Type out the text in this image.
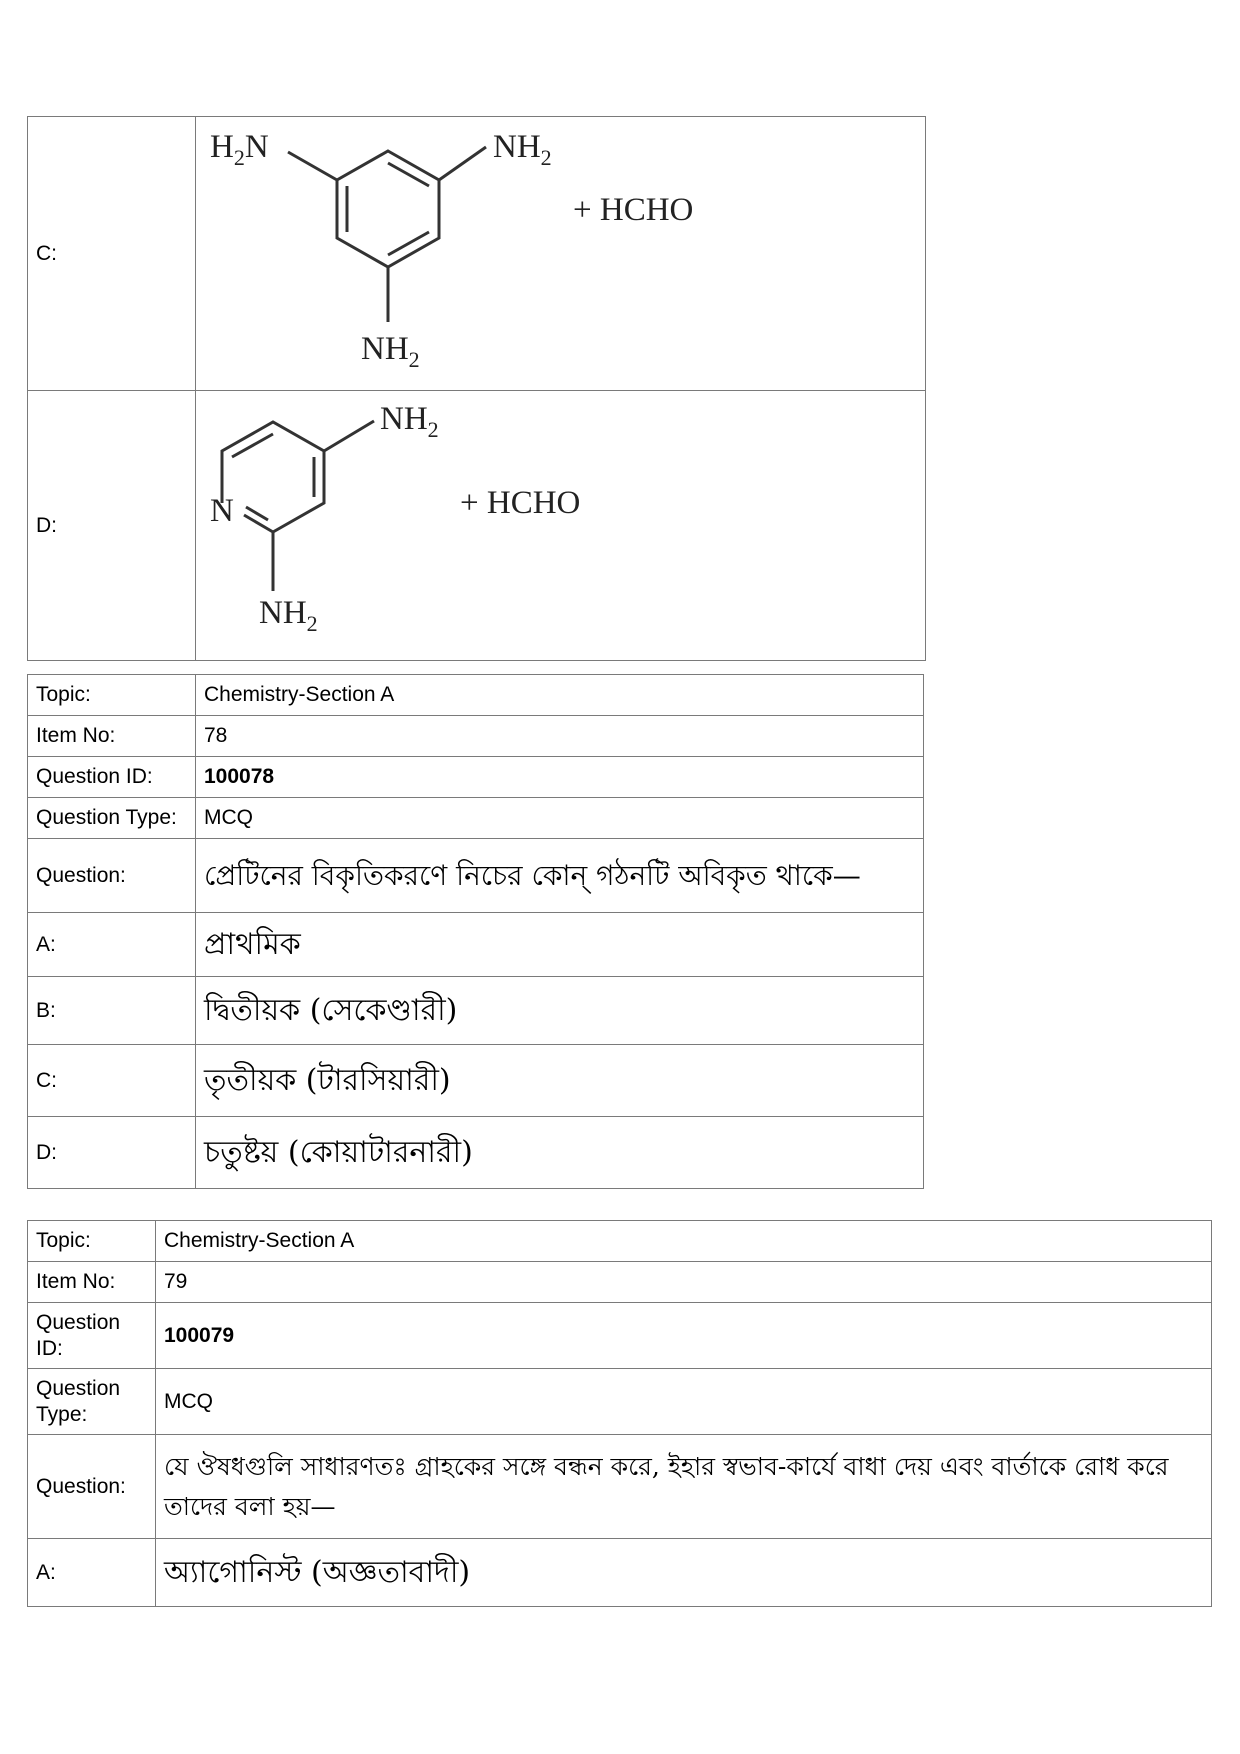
C:	$H_2N$ $NH_2$
$NH_2$
+ HCHO

D:	N
$NH_2$
$NH_2$
+ HCHO
Topic:	Chemistry-Section A
Item No:	78
Question ID:	100078
Question Type:	MCQ
Question:	প্রেটিনের বিকৃতিকরণে নিচের কোন্ গঠনটি অবিকৃত থাকে—
A:	প্রাথমিক
B:	দ্বিতীয়ক (সেকেণ্ডারী)
C:	তৃতীয়ক (টারসিয়ারী)
D:	চতুষ্টয় (কোয়াটারনারী)
Topic:	Chemistry-Section A
Item No:	79
Question
ID:	100079
Question
Type:	MCQ
Question:	যে ঔষধগুলি সাধারণতঃ গ্রাহকের সঙ্গে বন্ধন করে, ইহার স্বভাব-কার্যে বাধা দেয় এবং বার্তাকে রোধ করে তাদের বলা হয়—
A:	অ্যাগোনিস্ট (অজ্ঞতাবাদী)
